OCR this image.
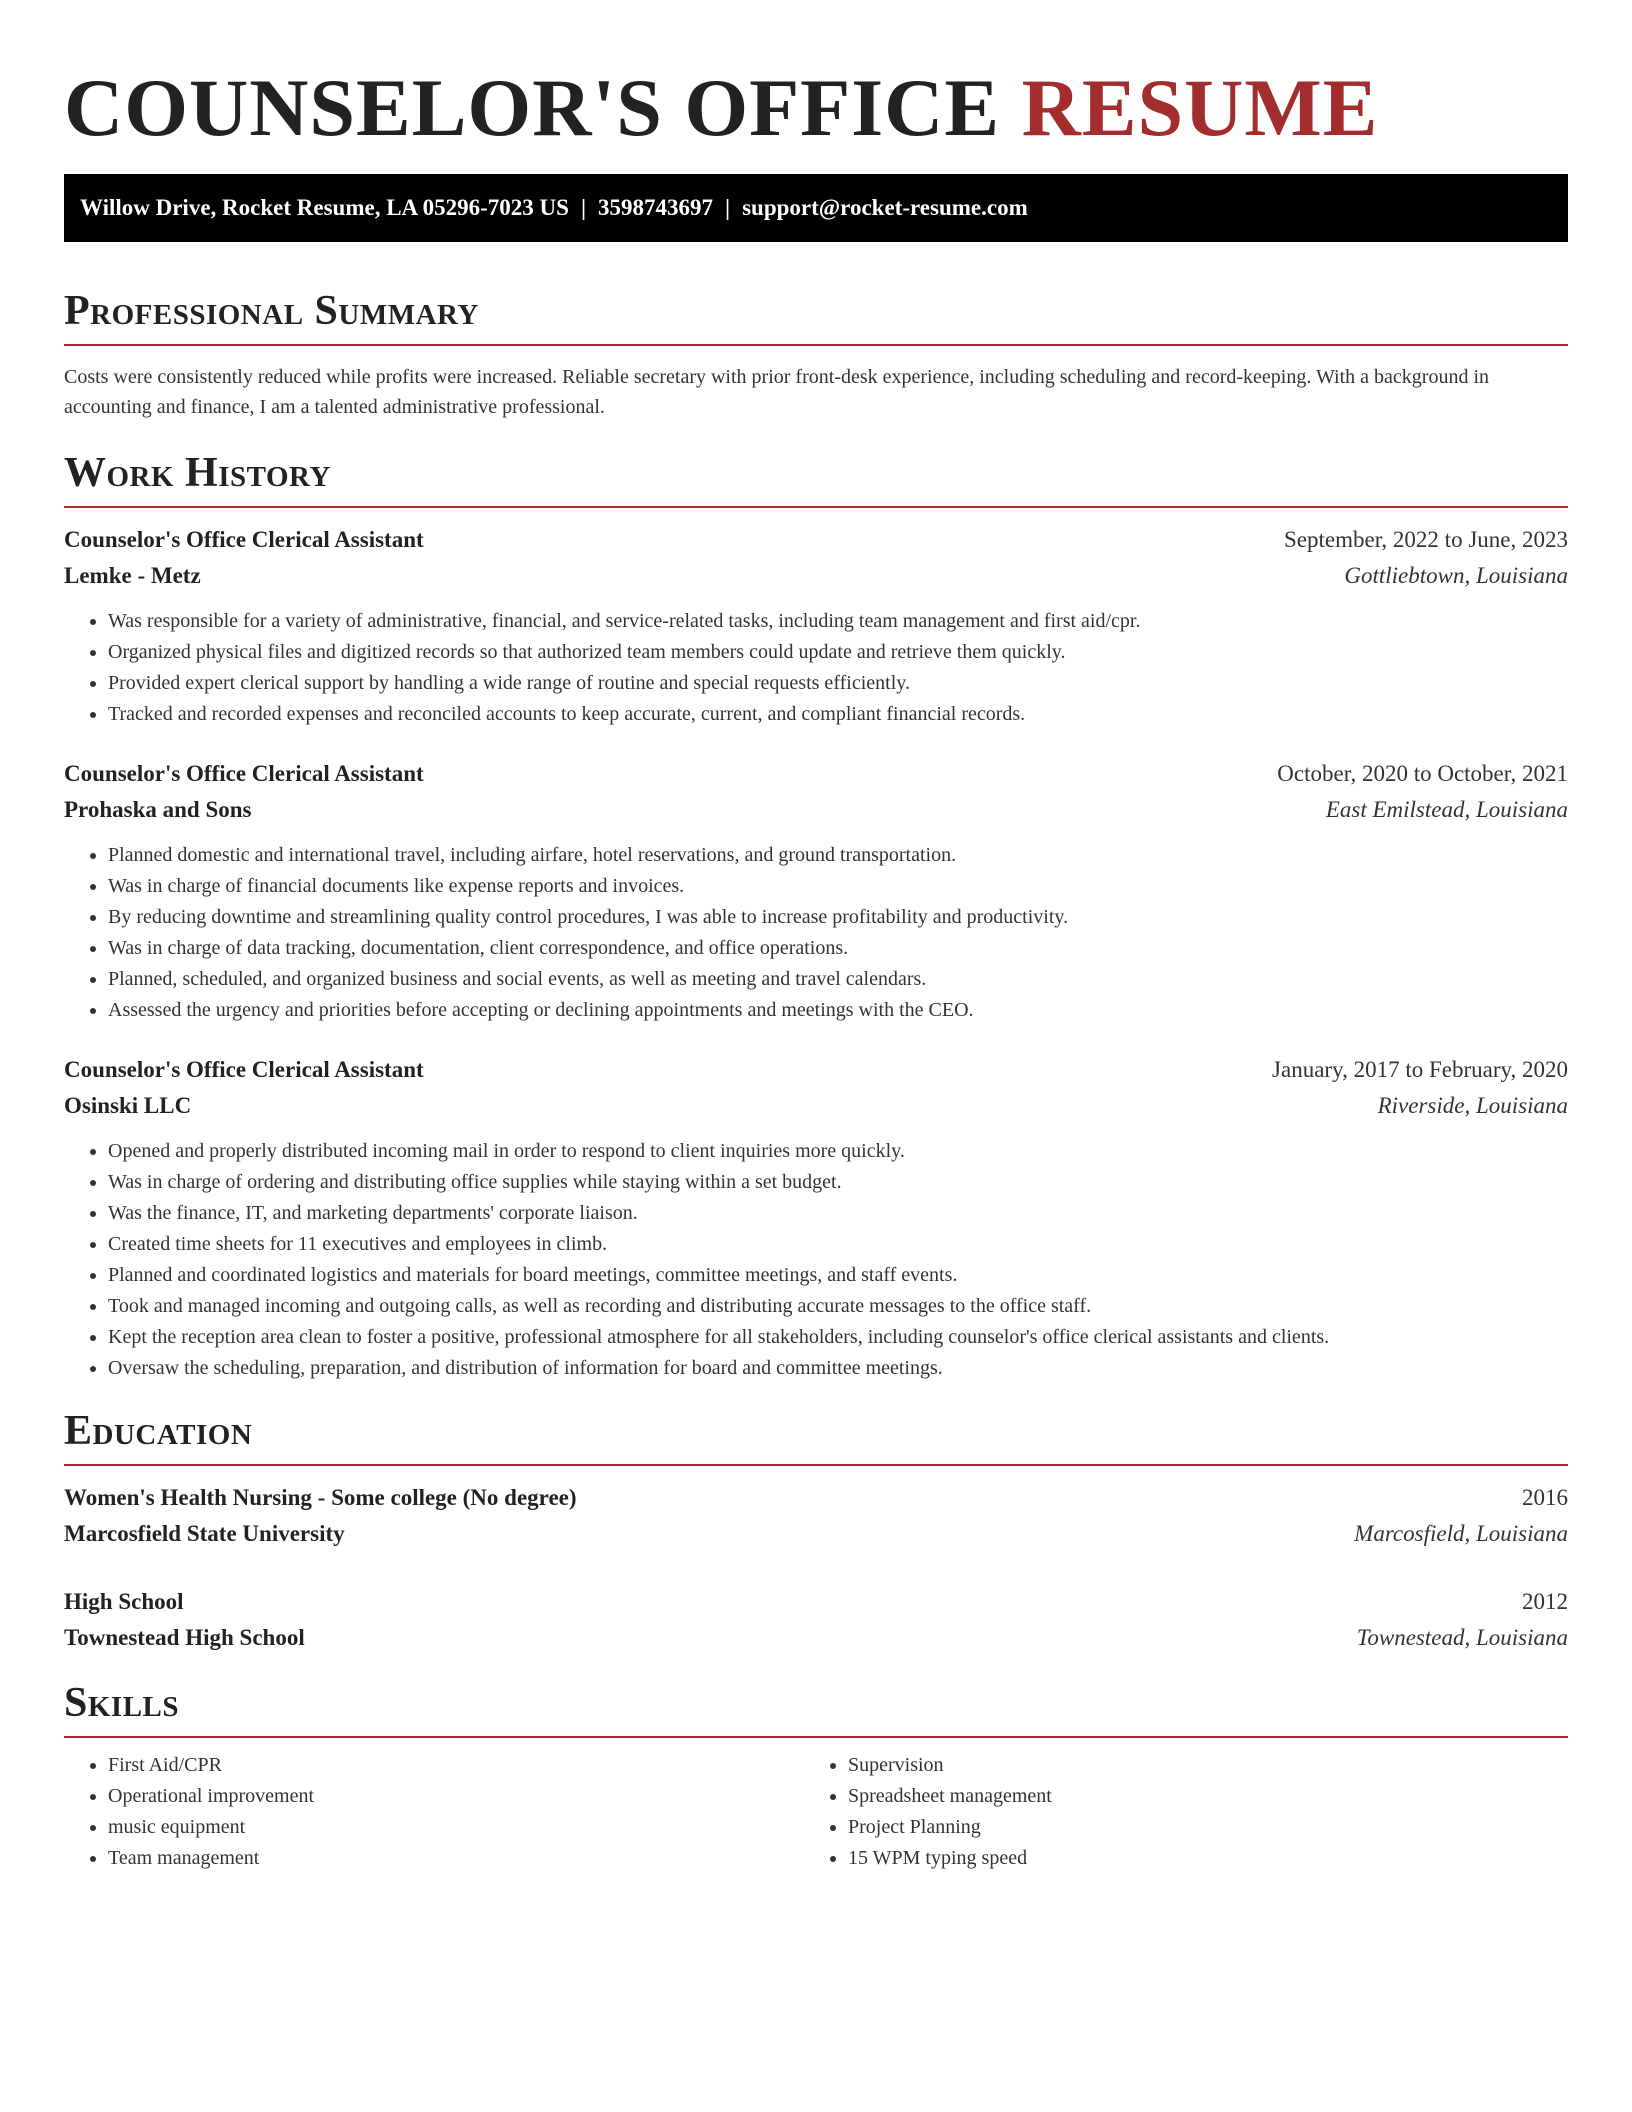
COUNSELOR'S OFFICE RESUME
Willow Drive, Rocket Resume, LA 05296-7023 US | 3598743697 | support@rocket-resume.com
Professional Summary
Costs were consistently reduced while profits were increased. Reliable secretary with prior front-desk experience, including scheduling and record-keeping. With a background in accounting and finance, I am a talented administrative professional.
Work History
Counselor's Office Clerical Assistant	September, 2022 to June, 2023
Lemke - Metz	Gottliebtown, Louisiana
• Was responsible for a variety of administrative, financial, and service-related tasks, including team management and first aid/cpr.
• Organized physical files and digitized records so that authorized team members could update and retrieve them quickly.
• Provided expert clerical support by handling a wide range of routine and special requests efficiently.
• Tracked and recorded expenses and reconciled accounts to keep accurate, current, and compliant financial records.
Counselor's Office Clerical Assistant	October, 2020 to October, 2021
Prohaska and Sons	East Emilstead, Louisiana
• Planned domestic and international travel, including airfare, hotel reservations, and ground transportation.
• Was in charge of financial documents like expense reports and invoices.
• By reducing downtime and streamlining quality control procedures, I was able to increase profitability and productivity.
• Was in charge of data tracking, documentation, client correspondence, and office operations.
• Planned, scheduled, and organized business and social events, as well as meeting and travel calendars.
• Assessed the urgency and priorities before accepting or declining appointments and meetings with the CEO.
Counselor's Office Clerical Assistant	January, 2017 to February, 2020
Osinski LLC	Riverside, Louisiana
• Opened and properly distributed incoming mail in order to respond to client inquiries more quickly.
• Was in charge of ordering and distributing office supplies while staying within a set budget.
• Was the finance, IT, and marketing departments' corporate liaison.
• Created time sheets for 11 executives and employees in climb.
• Planned and coordinated logistics and materials for board meetings, committee meetings, and staff events.
• Took and managed incoming and outgoing calls, as well as recording and distributing accurate messages to the office staff.
• Kept the reception area clean to foster a positive, professional atmosphere for all stakeholders, including counselor's office clerical assistants and clients.
• Oversaw the scheduling, preparation, and distribution of information for board and committee meetings.
Education
Women's Health Nursing - Some college (No degree)	2016
Marcosfield State University	Marcosfield, Louisiana
High School	2012
Townestead High School	Townestead, Louisiana
Skills
• First Aid/CPR
• Operational improvement
• music equipment
• Team management
• Supervision
• Spreadsheet management
• Project Planning
• 15 WPM typing speed
